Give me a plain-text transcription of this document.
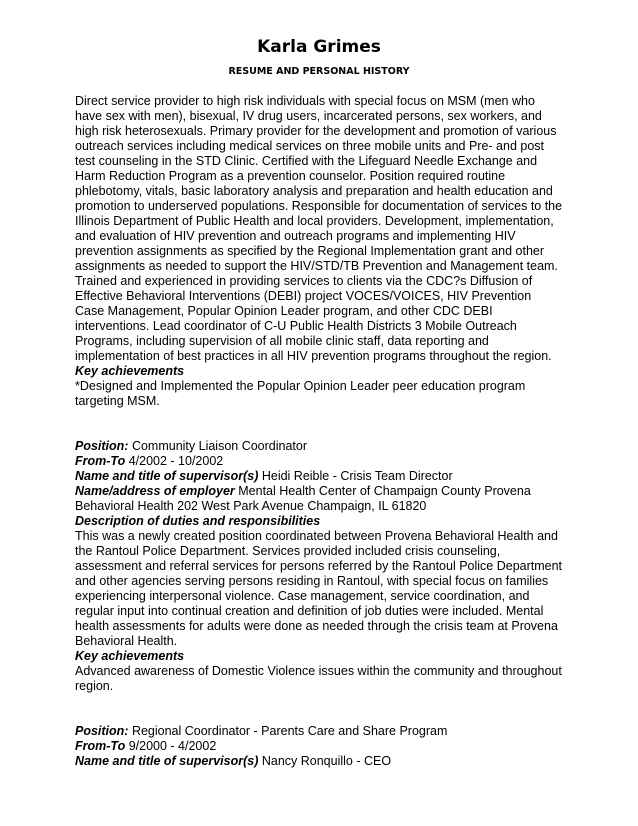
Karla Grimes
RESUME AND PERSONAL HISTORY
Direct service provider to high risk individuals with special focus on MSM (men who
have sex with men), bisexual, IV drug users, incarcerated persons, sex workers, and
high risk heterosexuals. Primary provider for the development and promotion of various
outreach services including medical services on three mobile units and Pre- and post
test counseling in the STD Clinic. Certified with the Lifeguard Needle Exchange and
Harm Reduction Program as a prevention counselor. Position required routine
phlebotomy, vitals, basic laboratory analysis and preparation and health education and
promotion to underserved populations. Responsible for documentation of services to the
Illinois Department of Public Health and local providers. Development, implementation,
and evaluation of HIV prevention and outreach programs and implementing HIV
prevention assignments as specified by the Regional Implementation grant and other
assignments as needed to support the HIV/STD/TB Prevention and Management team.
Trained and experienced in providing services to clients via the CDC?s Diffusion of
Effective Behavioral Interventions (DEBI) project VOCES/VOICES, HIV Prevention
Case Management, Popular Opinion Leader program, and other CDC DEBI
interventions. Lead coordinator of C-U Public Health Districts 3 Mobile Outreach
Programs, including supervision of all mobile clinic staff, data reporting and
implementation of best practices in all HIV prevention programs throughout the region.
Key achievements
*Designed and Implemented the Popular Opinion Leader peer education program
targeting MSM.
Position: Community Liaison Coordinator
From-To 4/2002 - 10/2002
Name and title of supervisor(s) Heidi Reible - Crisis Team Director
Name/address of employer Mental Health Center of Champaign County Provena
Behavioral Health 202 West Park Avenue Champaign, IL 61820
Description of duties and responsibilities
This was a newly created position coordinated between Provena Behavioral Health and
the Rantoul Police Department. Services provided included crisis counseling,
assessment and referral services for persons referred by the Rantoul Police Department
and other agencies serving persons residing in Rantoul, with special focus on families
experiencing interpersonal violence. Case management, service coordination, and
regular input into continual creation and definition of job duties were included. Mental
health assessments for adults were done as needed through the crisis team at Provena
Behavioral Health.
Key achievements
Advanced awareness of Domestic Violence issues within the community and throughout
region.
Position: Regional Coordinator - Parents Care and Share Program
From-To 9/2000 - 4/2002
Name and title of supervisor(s) Nancy Ronquillo - CEO
